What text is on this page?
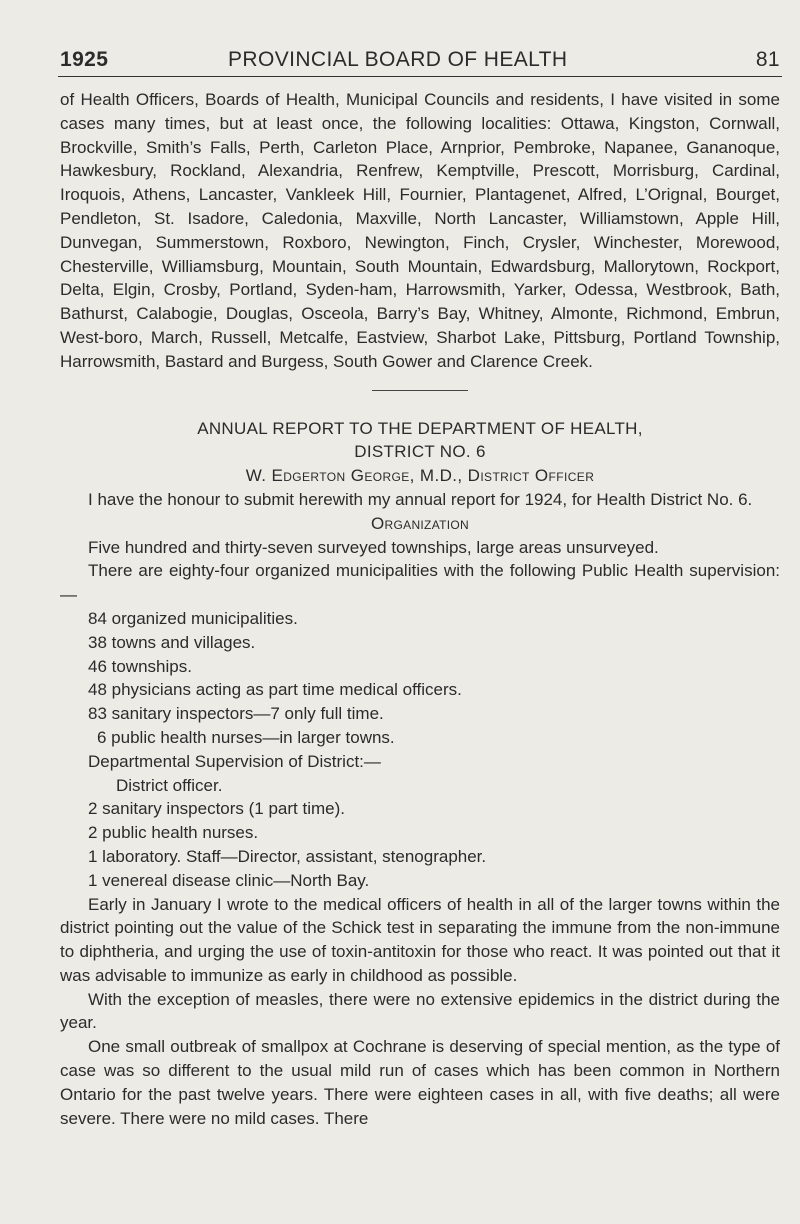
1925	PROVINCIAL BOARD OF HEALTH	81

of Health Officers, Boards of Health, Municipal Councils and residents, I have visited in some cases many times, but at least once, the following localities: Ottawa, Kingston, Cornwall, Brockville, Smith’s Falls, Perth, Carleton Place, Arnprior, Pembroke, Napanee, Gananoque, Hawkesbury, Rockland, Alexandria, Renfrew, Kemptville, Prescott, Morrisburg, Cardinal, Iroquois, Athens, Lancaster, Vankleek Hill, Fournier, Plantagenet, Alfred, L’Orignal, Bourget, Pendleton, St. Isadore, Caledonia, Maxville, North Lancaster, Williamstown, Apple Hill, Dunvegan, Summerstown, Roxboro, Newington, Finch, Crysler, Winchester, Morewood, Chesterville, Williamsburg, Mountain, South Mountain, Edwardsburg, Mallorytown, Rockport, Delta, Elgin, Crosby, Portland, Syden-ham, Harrowsmith, Yarker, Odessa, Westbrook, Bath, Bathurst, Calabogie, Douglas, Osceola, Barry’s Bay, Whitney, Almonte, Richmond, Embrun, West-boro, March, Russell, Metcalfe, Eastview, Sharbot Lake, Pittsburg, Portland Township, Harrowsmith, Bastard and Burgess, South Gower and Clarence Creek.

ANNUAL REPORT TO THE DEPARTMENT OF HEALTH,

DISTRICT NO. 6

W. Edgerton George, M.D., District Officer

I have the honour to submit herewith my annual report for 1924, for Health District No. 6.

Organization

Five hundred and thirty-seven surveyed townships, large areas unsurveyed.

There are eighty-four organized municipalities with the following Public Health supervision:—

84 organized municipalities.
38 towns and villages.
46 townships.
48 physicians acting as part time medical officers.
83 sanitary inspectors—7 only full time.
6 public health nurses—in larger towns.

Departmental Supervision of District:—

District officer.
2 sanitary inspectors (1 part time).
2 public health nurses.
1 laboratory. Staff—Director, assistant, stenographer.
1 venereal disease clinic—North Bay.

Early in January I wrote to the medical officers of health in all of the larger towns within the district pointing out the value of the Schick test in separating the immune from the non-immune to diphtheria, and urging the use of toxin-antitoxin for those who react. It was pointed out that it was advisable to immunize as early in childhood as possible.

With the exception of measles, there were no extensive epidemics in the district during the year.

One small outbreak of smallpox at Cochrane is deserving of special mention, as the type of case was so different to the usual mild run of cases which has been common in Northern Ontario for the past twelve years. There were eighteen cases in all, with five deaths; all were severe. There were no mild cases. There
